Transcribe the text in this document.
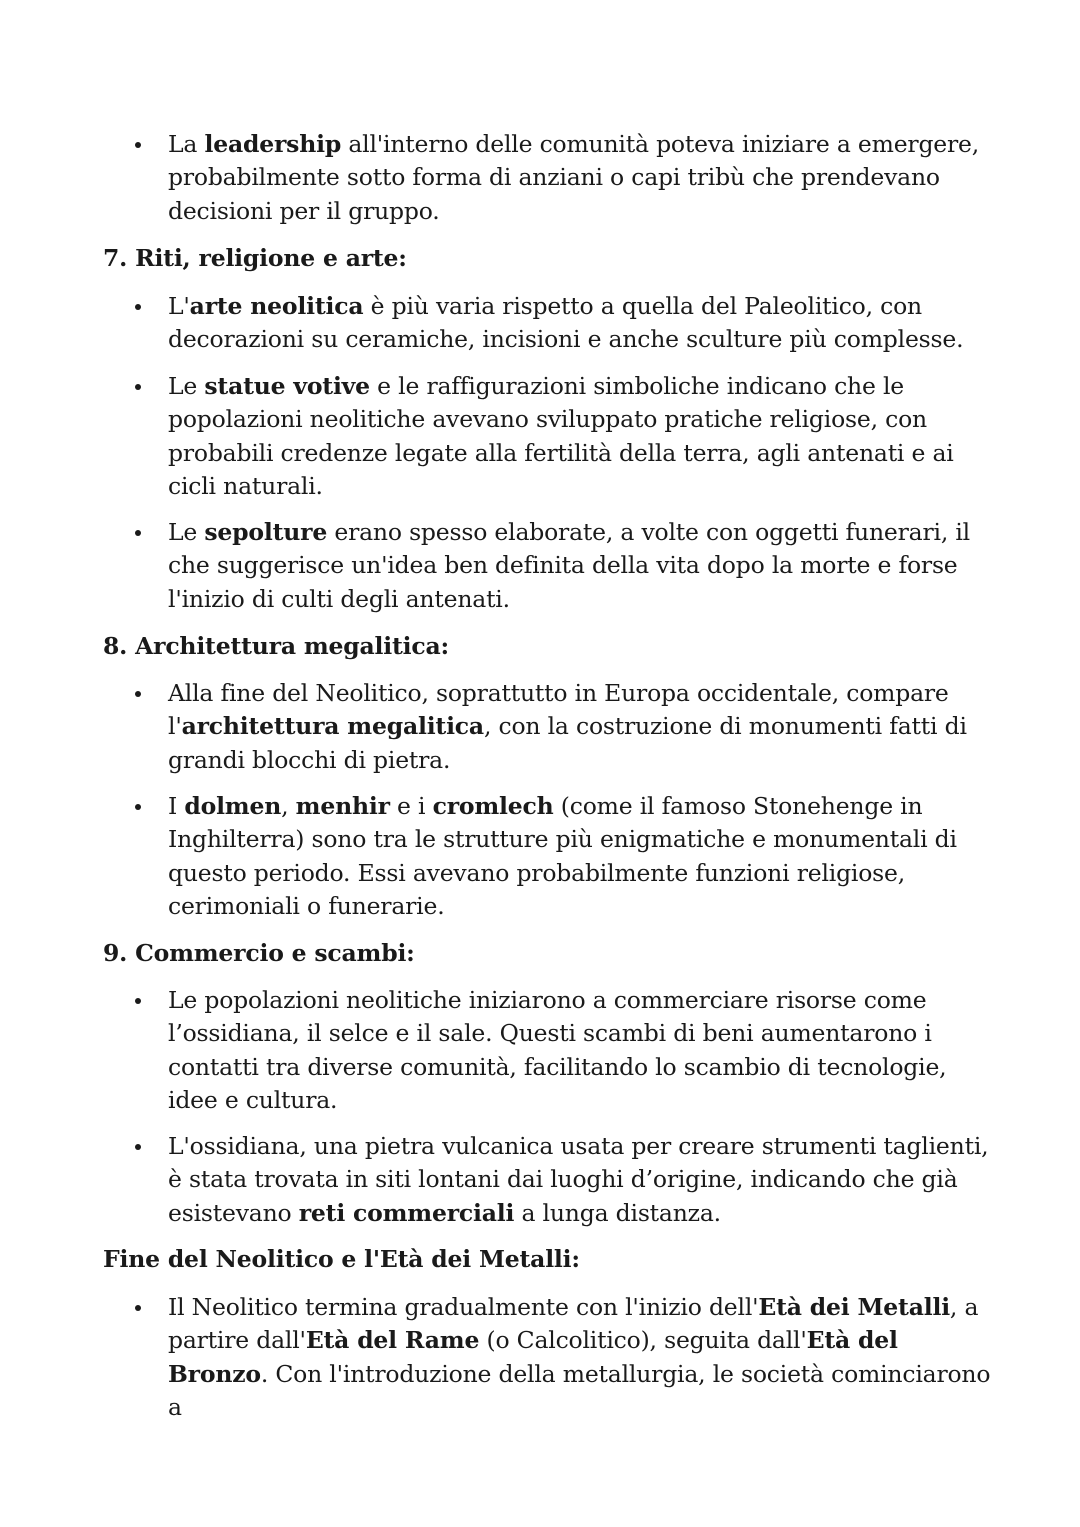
La leadership all'interno delle comunità poteva iniziare a emergere, probabilmente sotto forma di anziani o capi tribù che prendevano decisioni per il gruppo.
7. Riti, religione e arte:
L'arte neolitica è più varia rispetto a quella del Paleolitico, con decorazioni su ceramiche, incisioni e anche sculture più complesse.
Le statue votive e le raffigurazioni simboliche indicano che le popolazioni neolitiche avevano sviluppato pratiche religiose, con probabili credenze legate alla fertilità della terra, agli antenati e ai cicli naturali.
Le sepolture erano spesso elaborate, a volte con oggetti funerari, il che suggerisce un'idea ben definita della vita dopo la morte e forse l'inizio di culti degli antenati.
8. Architettura megalitica:
Alla fine del Neolitico, soprattutto in Europa occidentale, compare l'architettura megalitica, con la costruzione di monumenti fatti di grandi blocchi di pietra.
I dolmen, menhir e i cromlech (come il famoso Stonehenge in Inghilterra) sono tra le strutture più enigmatiche e monumentali di questo periodo. Essi avevano probabilmente funzioni religiose, cerimoniali o funerarie.
9. Commercio e scambi:
Le popolazioni neolitiche iniziarono a commerciare risorse come l’ossidiana, il selce e il sale. Questi scambi di beni aumentarono i contatti tra diverse comunità, facilitando lo scambio di tecnologie, idee e cultura.
L'ossidiana, una pietra vulcanica usata per creare strumenti taglienti, è stata trovata in siti lontani dai luoghi d’origine, indicando che già esistevano reti commerciali a lunga distanza.
Fine del Neolitico e l'Età dei Metalli:
Il Neolitico termina gradualmente con l'inizio dell'Età dei Metalli, a partire dall'Età del Rame (o Calcolitico), seguita dall'Età del Bronzo. Con l'introduzione della metallurgia, le società cominciarono a
